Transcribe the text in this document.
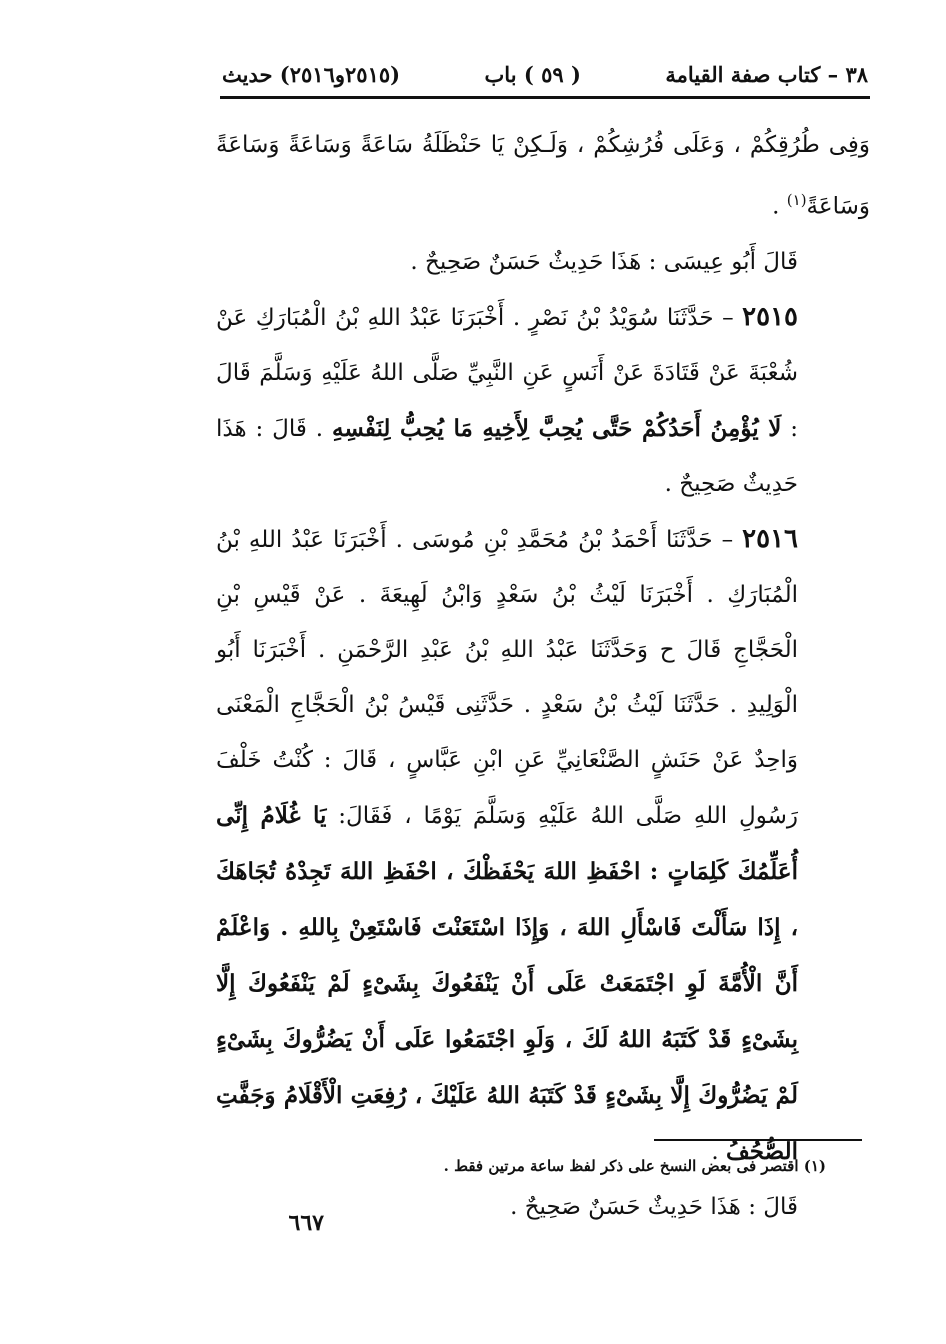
٣٨ – كتاب صفة القيامة
( ٥٩ ) باب
(٢٥١٥و٢٥١٦) حديث

وَفِى طُرُقِكُمْ ، وَعَلَى فُرُشِكُمْ ، وَلَـكِنْ يَا حَنْظَلَةُ سَاعَةً وَسَاعَةً وَسَاعَةً وَسَاعَةً$^{(١)}$ .

قَالَ أَبُو عِيسَى : هَذَا حَدِيثٌ حَسَنٌ صَحِيحٌ .

٢٥١٥ – حَدَّثَنَا سُوَيْدُ بْنُ نَصْرٍ . أَخْبَرَنَا عَبْدُ اللهِ بْنُ الْمُبَارَكِ عَنْ شُعْبَةَ عَنْ قَتَادَةَ عَنْ أَنَسٍ عَنِ النَّبِيِّ صَلَّى اللهُ عَلَيْهِ وَسَلَّمَ قَالَ : لَا يُؤْمِنُ أَحَدُكُمْ حَتَّى يُحِبَّ لِأَخِيهِ مَا يُحِبُّ لِنَفْسِهِ . قَالَ : هَذَا حَدِيثٌ صَحِيحٌ .

٢٥١٦ – حَدَّثَنَا أَحْمَدُ بْنُ مُحَمَّدِ بْنِ مُوسَى . أَخْبَرَنَا عَبْدُ اللهِ بْنُ الْمُبَارَكِ . أَخْبَرَنَا لَيْثُ بْنُ سَعْدٍ وَابْنُ لَهِيعَةَ . عَنْ قَيْسِ بْنِ الْحَجَّاجِ قَالَ ح وَحَدَّثَنَا عَبْدُ اللهِ بْنُ عَبْدِ الرَّحْمَنِ . أَخْبَرَنَا أَبُو الْوَلِيدِ . حَدَّثَنَا لَيْثُ بْنُ سَعْدٍ . حَدَّثَنِى قَيْسُ بْنُ الْحَجَّاجِ الْمَعْنَى وَاحِدٌ عَنْ حَنَشٍ الصَّنْعَانِيِّ عَنِ ابْنِ عَبَّاسٍ ، قَالَ : كُنْتُ خَلْفَ رَسُولِ اللهِ صَلَّى اللهُ عَلَيْهِ وَسَلَّمَ يَوْمًا ، فَقَالَ: يَا غُلَامُ إِنِّى أُعَلِّمُكَ كَلِمَاتٍ : احْفَظِ اللهَ يَحْفَظْكَ ، احْفَظِ اللهَ تَجِدْهُ تُجَاهَكَ ، إِذَا سَأَلْتَ فَاسْأَلِ اللهَ ، وَإِذَا اسْتَعَنْتَ فَاسْتَعِنْ بِاللهِ . وَاعْلَمْ أَنَّ الْأُمَّةَ لَوِ اجْتَمَعَتْ عَلَى أَنْ يَنْفَعُوكَ بِشَىْءٍ لَمْ يَنْفَعُوكَ إِلَّا بِشَىْءٍ قَدْ كَتَبَهُ اللهُ لَكَ ، وَلَوِ اجْتَمَعُوا عَلَى أَنْ يَضُرُّوكَ بِشَىْءٍ لَمْ يَضُرُّوكَ إِلَّا بِشَىْءٍ قَدْ كَتَبَهُ اللهُ عَلَيْكَ ، رُفِعَتِ الْأَقْلَامُ وَجَفَّتِ الصُّحُفُ .

قَالَ : هَذَا حَدِيثٌ حَسَنٌ صَحِيحٌ .

(١) اقتصر فى بعض النسخ على ذكر لفظ ساعة مرتين فقط .
٦٦٧
